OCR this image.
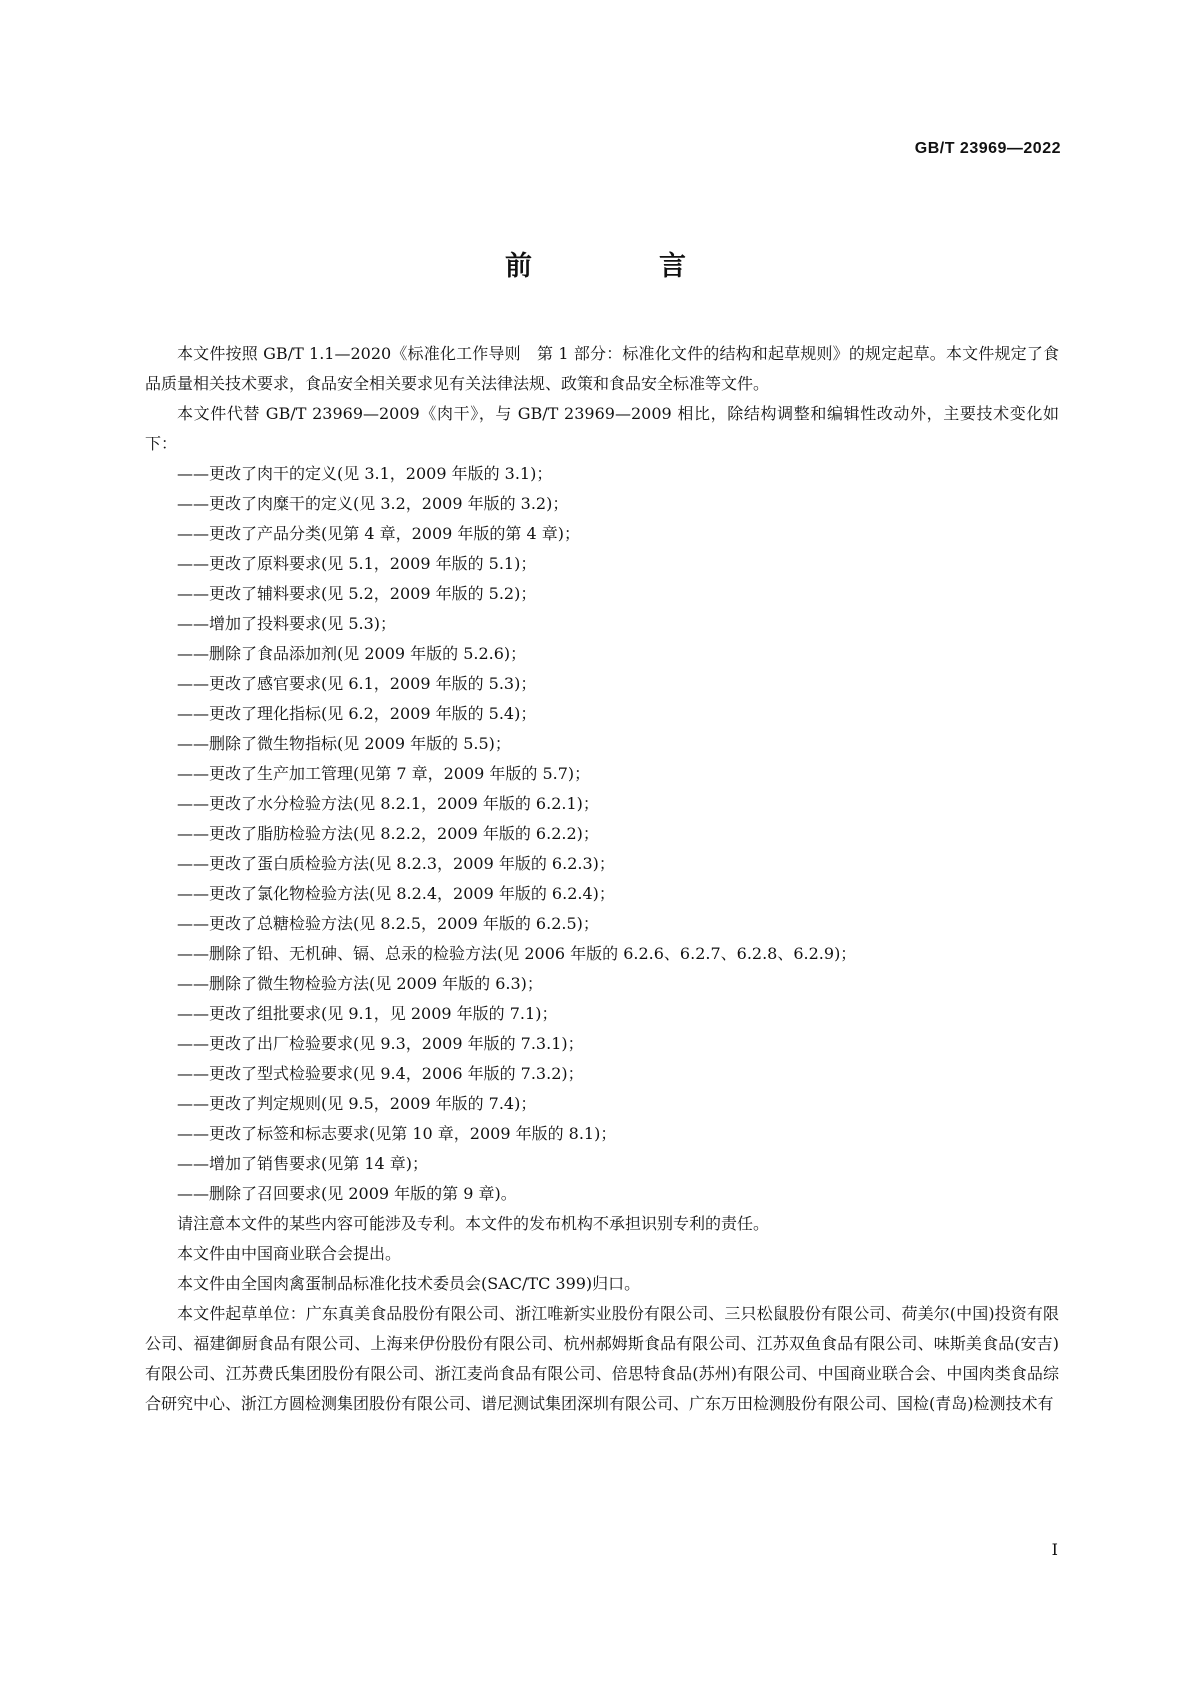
GB/T 23969—2022
前　言

本文件按照 GB/T 1.1—2020《标准化工作导则　第 1 部分：标准化文件的结构和起草规则》的规定起草。本文件规定了食品质量相关技术要求，食品安全相关要求见有关法律法规、政策和食品安全标准等文件。

本文件代替 GB/T 23969—2009《肉干》，与 GB/T 23969—2009 相比，除结构调整和编辑性改动外，主要技术变化如下：

——更改了肉干的定义(见 3.1，2009 年版的 3.1)；
——更改了肉糜干的定义(见 3.2，2009 年版的 3.2)；
——更改了产品分类(见第 4 章，2009 年版的第 4 章)；
——更改了原料要求(见 5.1，2009 年版的 5.1)；
——更改了辅料要求(见 5.2，2009 年版的 5.2)；
——增加了投料要求(见 5.3)；
——删除了食品添加剂(见 2009 年版的 5.2.6)；
——更改了感官要求(见 6.1，2009 年版的 5.3)；
——更改了理化指标(见 6.2，2009 年版的 5.4)；
——删除了微生物指标(见 2009 年版的 5.5)；
——更改了生产加工管理(见第 7 章，2009 年版的 5.7)；
——更改了水分检验方法(见 8.2.1，2009 年版的 6.2.1)；
——更改了脂肪检验方法(见 8.2.2，2009 年版的 6.2.2)；
——更改了蛋白质检验方法(见 8.2.3，2009 年版的 6.2.3)；
——更改了氯化物检验方法(见 8.2.4，2009 年版的 6.2.4)；
——更改了总糖检验方法(见 8.2.5，2009 年版的 6.2.5)；
——删除了铅、无机砷、镉、总汞的检验方法(见 2006 年版的 6.2.6、6.2.7、6.2.8、6.2.9)；
——删除了微生物检验方法(见 2009 年版的 6.3)；
——更改了组批要求(见 9.1，见 2009 年版的 7.1)；
——更改了出厂检验要求(见 9.3，2009 年版的 7.3.1)；
——更改了型式检验要求(见 9.4，2006 年版的 7.3.2)；
——更改了判定规则(见 9.5，2009 年版的 7.4)；
——更改了标签和标志要求(见第 10 章，2009 年版的 8.1)；
——增加了销售要求(见第 14 章)；
——删除了召回要求(见 2009 年版的第 9 章)。

请注意本文件的某些内容可能涉及专利。本文件的发布机构不承担识别专利的责任。

本文件由中国商业联合会提出。

本文件由全国肉禽蛋制品标准化技术委员会(SAC/TC 399)归口。

本文件起草单位：广东真美食品股份有限公司、浙江唯新实业股份有限公司、三只松鼠股份有限公司、荷美尔(中国)投资有限公司、福建御厨食品有限公司、上海来伊份股份有限公司、杭州郝姆斯食品有限公司、江苏双鱼食品有限公司、味斯美食品(安吉)有限公司、江苏费氏集团股份有限公司、浙江麦尚食品有限公司、倍思特食品(苏州)有限公司、中国商业联合会、中国肉类食品综合研究中心、浙江方圆检测集团股份有限公司、谱尼测试集团深圳有限公司、广东万田检测股份有限公司、国检(青岛)检测技术有

I
